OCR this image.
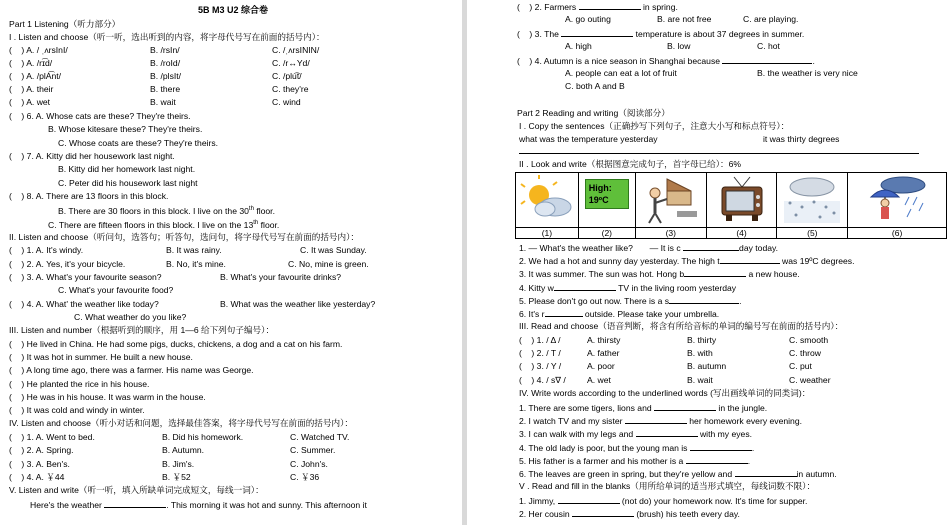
5B M3 U2 综合卷
Part 1 Listening（听力部分）
I . Listen and choose（听一听，选出听到的内容，将字母代号写在前面的括号内）：
(    ) A. / ˌʌrsInI/	B. /rsIn/	C. /ˌʌrsININ/
(    ) A. /rɪ͡d/	B. /roId/	C. /r↔Yd/
(    ) A. /plA͡nt/	B. /plsIt/	C. /plu͡t/
(    ) A. their	B. there	C. they're
(    ) A. wet	B. wait	C. wind
(    ) 6. A. Whose cats are these? They're theirs.
B. Whose kitesare these? They're theirs.
C. Whose coats are these? They're theirs.
(    ) 7. A. Kitty did her housework last night.
B. Kitty did her homework last night.
C. Peter did his housework last night
(    ) 8. A. There are 13 floors in this block.
B. There are 30 floors in this block. I live on the 30th floor.
C. There are fifteen floors in this block. I live on the 13th floor.
II. Listen and choose（听问句，选答句；听答句，选问句，将字母代号写在前面的括号内）：
(    ) 1. A. It's windy.	B. It was rainy.	C. It was Sunday.
(    ) 2. A. Yes, it's your bicycle.	B. No, it's mine.	C. No, mine is green.
(    ) 3. A. What's your favourite season?	B. What's your favourite drinks?
C. What's your favourite food?
(    ) 4. A. What' the weather like today?	B. What was the weather like yesterday?
C. What weather do you like?
III. Listen and number（根据听到的顺序，用 1—6 给下列句子编号）：
(    ) He lived in China. He had some pigs, ducks, chickens, a dog and a cat on his farm.
(    ) It was hot in summer. He built a new house.
(    ) A long time ago, there was a farmer. His name was George.
(    ) He planted the rice in his house.
(    ) He was in his house. It was warm in the house.
(    ) It was cold and windy in winter.
IV. Listen and choose（听小对话和问题，选择最佳答案，将字母代号写在前面的括号内）：
(    ) 1. A. Went to bed.	B. Did his homework.	C. Watched TV.
(    ) 2. A. Spring.	B. Autumn.	C. Summer.
(    ) 3. A. Ben's.	B. Jim's.	C. John's.
(    ) 4. A. ￥44	B. ￥52	C. ￥36
V. Listen and write（听一听，填入所缺单词完成短文，每线一词）：
Here's the weather	. This morning it was hot and sunny. This afternoon it
(    ) 2. Farmers	in spring.
A. go outing	B. are not free	C. are playing.
(    ) 3. The	temperature is about 37 degrees in summer.
A. high	B. low	C. hot
(    ) 4. Autumn is a nice season in Shanghai because	.
A. people can eat a lot of fruit	B. the weather is very nice
C. both A and B
Part 2 Reading and writing（阅读部分）
I . Copy the sentences（正确抄写下列句子，注意大小写和标点符号）：
what was the temperature yesterday	it was thirty degrees
II . Look and write（根据图意完成句子，首字母已给）：6%

High:
19ºC

(1)	(2)	(3)	(4)	(5)	(6)
1. — What's the weather like? — It is c	day today.
2. We had a hot and sunny day yesterday. The high t	was 19ºC degrees.
3. It was summer. The sun was hot. Hong b	a new house.
4. Kitty w	TV in the living room yesterday
5. Please don't go out now. There is a s	.
6. It's r	outside. Please take your umbrella.
III. Read and choose（语音判断，将含有所给音标的单词的编号写在前面的括号内）：
(    ) 1. / Δ /	A. thirsty	B. thirty	C. smooth
(    ) 2. / T /	A. father	B. with	C. throw
(    ) 3. / Y /	A. poor	B. autumn	C. put
(    ) 4. / s∇ / A. wet	B. wait	C. weather
IV. Write words according to the underlined words (写出画线单词的同类词)：
1. There are some tigers, lions and	in the jungle.
2. I watch TV and my sister	her homework every evening.
3. I can walk with my legs and	with my eyes.
4. The old lady is poor, but the young man is	.
5. His father is a farmer and his mother is a	.
6. The leaves are green in spring, but they're yellow and	in autumn.
V . Read and fill in the blanks（用所给单词的适当形式填空，每线词数不限）：
1. Jimmy,	(not do) your homework now. It's time for supper.
2. Her cousin	(brush) his teeth every day.
